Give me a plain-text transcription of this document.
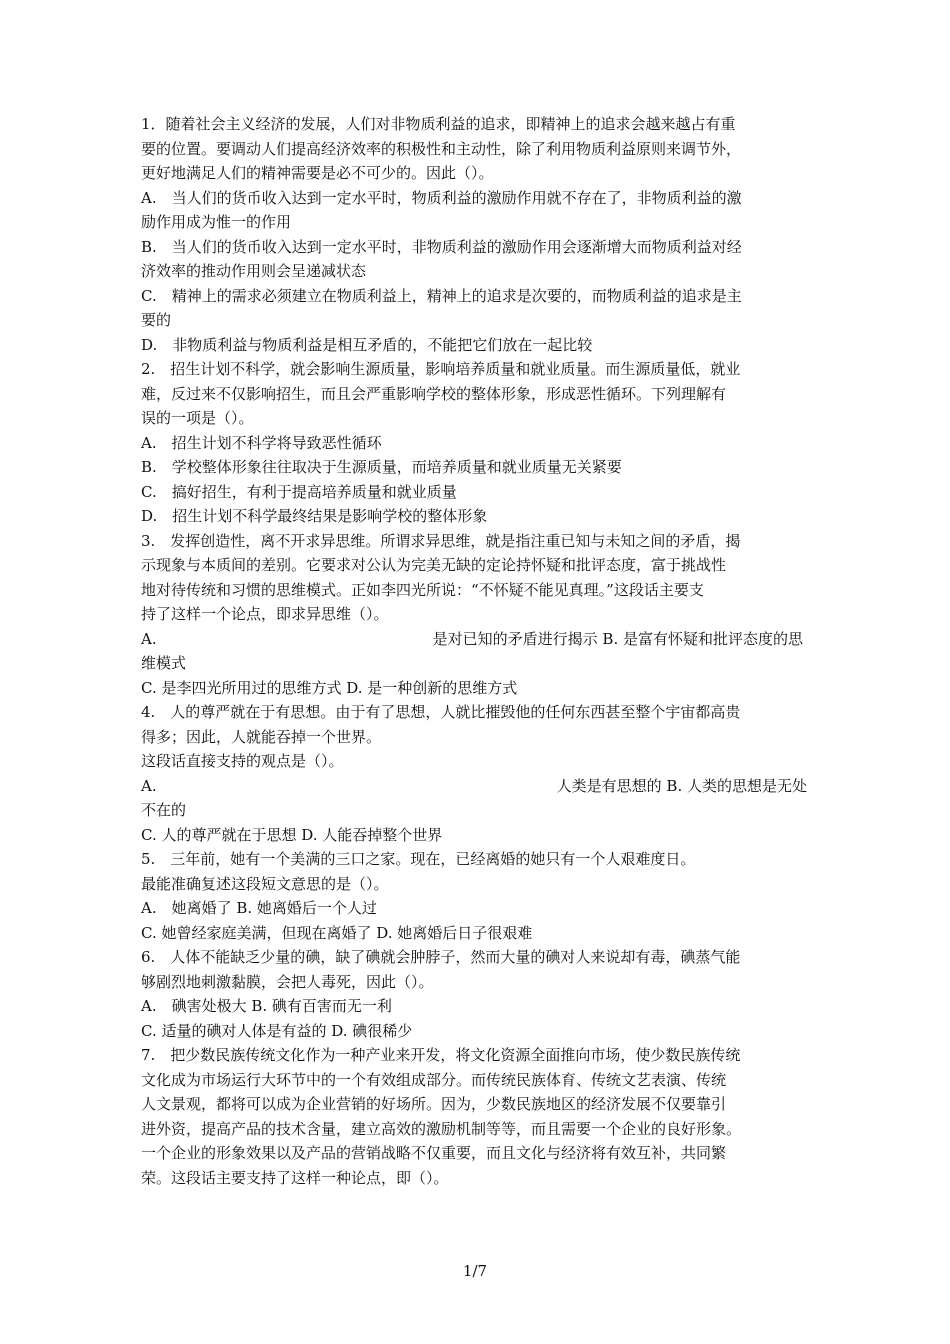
1．随着社会主义经济的发展，人们对非物质利益的追求，即精神上的追求会越来越占有重
要的位置。要调动人们提高经济效率的积极性和主动性，除了利用物质利益原则来调节外，
更好地满足人们的精神需要是必不可少的。因此（）。
A.　当人们的货币收入达到一定水平时，物质利益的激励作用就不存在了，非物质利益的激
励作用成为惟一的作用
B.　当人们的货币收入达到一定水平时，非物质利益的激励作用会逐渐增大而物质利益对经
济效率的推动作用则会呈递减状态
C.　精神上的需求必须建立在物质利益上，精神上的追求是次要的，而物质利益的追求是主
要的
D.　非物质利益与物质利益是相互矛盾的，不能把它们放在一起比较
2.　招生计划不科学，就会影响生源质量，影响培养质量和就业质量。而生源质量低，就业
难，反过来不仅影响招生，而且会严重影响学校的整体形象，形成恶性循环。下列理解有
误的一项是（）。
A.　招生计划不科学将导致恶性循环
B.　学校整体形象往往取决于生源质量，而培养质量和就业质量无关紧要
C.　搞好招生，有利于提高培养质量和就业质量
D.　招生计划不科学最终结果是影响学校的整体形象
3.　发挥创造性，离不开求异思维。所谓求异思维，就是指注重已知与未知之间的矛盾，揭
示现象与本质间的差别。它要求对公认为完美无缺的定论持怀疑和批评态度，富于挑战性
地对待传统和习惯的思维模式。正如李四光所说：“不怀疑不能见真理。”这段话主要支
持了这样一个论点，即求异思维（）。
A.	是对已知的矛盾进行揭示 B. 是富有怀疑和批评态度的思
维模式
C. 是李四光所用过的思维方式 D. 是一种创新的思维方式
4.　人的尊严就在于有思想。由于有了思想，人就比摧毁他的任何东西甚至整个宇宙都高贵
得多；因此，人就能吞掉一个世界。
这段话直接支持的观点是（）。
A.	人类是有思想的 B. 人类的思想是无处
不在的
C. 人的尊严就在于思想 D. 人能吞掉整个世界
5.　三年前，她有一个美满的三口之家。现在，已经离婚的她只有一个人艰难度日。
最能准确复述这段短文意思的是（）。
A.　她离婚了 B. 她离婚后一个人过
C. 她曾经家庭美满，但现在离婚了 D. 她离婚后日子很艰难
6.　人体不能缺乏少量的碘，缺了碘就会肿脖子，然而大量的碘对人来说却有毒，碘蒸气能
够剧烈地刺激黏膜，会把人毒死，因此（）。
A.　碘害处极大 B. 碘有百害而无一利
C. 适量的碘对人体是有益的 D. 碘很稀少
7.　把少数民族传统文化作为一种产业来开发，将文化资源全面推向市场，使少数民族传统
文化成为市场运行大环节中的一个有效组成部分。而传统民族体育、传统文艺表演、传统
人文景观，都将可以成为企业营销的好场所。因为，少数民族地区的经济发展不仅要靠引
进外资，提高产品的技术含量，建立高效的激励机制等等，而且需要一个企业的良好形象。
一个企业的形象效果以及产品的营销战略不仅重要，而且文化与经济将有效互补，共同繁
荣。这段话主要支持了这样一种论点，即（）。
1/7
